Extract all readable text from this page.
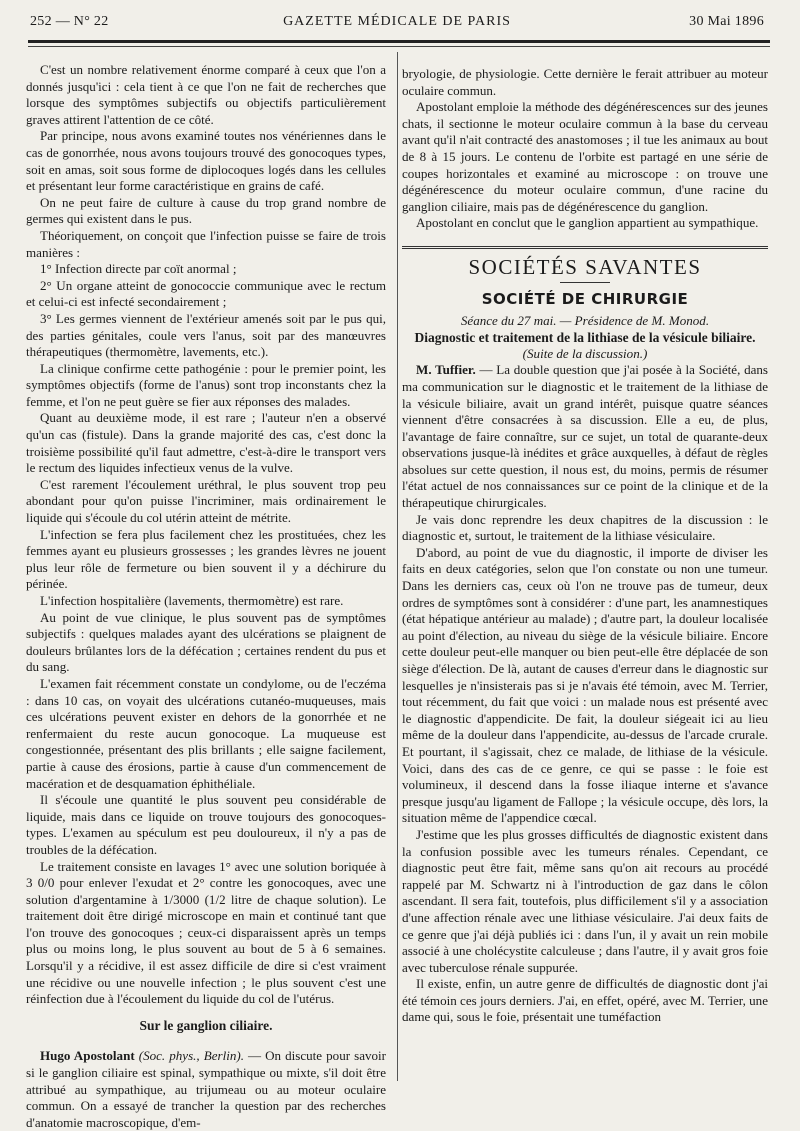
252 — N° 22	GAZETTE MÉDICALE DE PARIS	30 Mai 1896

C'est un nombre relativement énorme comparé à ceux que l'on a donnés jusqu'ici : cela tient à ce que l'on ne fait de recherches que lorsque des symptômes subjectifs ou objectifs particulièrement graves attirent l'attention de ce côté.

Par principe, nous avons examiné toutes nos vénériennes dans le cas de gonorrhée, nous avons toujours trouvé des gonocoques types, soit en amas, soit sous forme de diplocoques logés dans les cellules et présentant leur forme caractéristique en grains de café.

On ne peut faire de culture à cause du trop grand nombre de germes qui existent dans le pus.

Théoriquement, on conçoit que l'infection puisse se faire de trois manières :

1° Infection directe par coït anormal ;

2° Un organe atteint de gonococcie communique avec le rectum et celui-ci est infecté secondairement ;

3° Les germes viennent de l'extérieur amenés soit par le pus qui, des parties génitales, coule vers l'anus, soit par des manœuvres thérapeutiques (thermomètre, lavements, etc.).

La clinique confirme cette pathogénie : pour le premier point, les symptômes objectifs (forme de l'anus) sont trop inconstants chez la femme, et l'on ne peut guère se fier aux réponses des malades.

Quant au deuxième mode, il est rare ; l'auteur n'en a observé qu'un cas (fistule). Dans la grande majorité des cas, c'est donc la troisième possibilité qu'il faut admettre, c'est-à-dire le transport vers le rectum des liquides infectieux venus de la vulve.

C'est rarement l'écoulement uréthral, le plus souvent trop peu abondant pour qu'on puisse l'incriminer, mais ordinairement le liquide qui s'écoule du col utérin atteint de métrite.

L'infection se fera plus facilement chez les prostituées, chez les femmes ayant eu plusieurs grossesses ; les grandes lèvres ne jouent plus leur rôle de fermeture ou bien souvent il y a déchirure du périnée.

L'infection hospitalière (lavements, thermomètre) est rare.

Au point de vue clinique, le plus souvent pas de symptômes subjectifs : quelques malades ayant des ulcérations se plaignent de douleurs brûlantes lors de la défécation ; certaines rendent du pus et du sang.

L'examen fait récemment constate un condylome, ou de l'eczéma : dans 10 cas, on voyait des ulcérations cutanéo-muqueuses, mais ces ulcérations peuvent exister en dehors de la gonorrhée et ne renfermaient du reste aucun gonocoque. La muqueuse est congestionnée, présentant des plis brillants ; elle saigne facilement, partie à cause des érosions, partie à cause d'un commencement de macération et de desquamation éphithéliale.

Il s'écoule une quantité le plus souvent peu considérable de liquide, mais dans ce liquide on trouve toujours des gonocoques-types. L'examen au spéculum est peu douloureux, il n'y a pas de troubles de la défécation.

Le traitement consiste en lavages 1° avec une solution boriquée à 3 0/0 pour enlever l'exudat et 2° contre les gonocoques, avec une solution d'argentamine à 1/3000 (1/2 litre de chaque solution). Le traitement doit être dirigé microscope en main et continué tant que l'on trouve des gonocoques ; ceux-ci disparaissent après un temps plus ou moins long, le plus souvent au bout de 5 à 6 semaines. Lorsqu'il y a récidive, il est assez difficile de dire si c'est vraiment une récidive ou une nouvelle infection ; le plus souvent c'est une réinfection due à l'écoulement du liquide du col de l'utérus.

Sur le ganglion ciliaire.

Hugo Apostolant (Soc. phys., Berlin). — On discute pour savoir si le ganglion ciliaire est spinal, sympathique ou mixte, s'il doit être attribué au sympathique, au trijumeau ou au moteur oculaire commun. On a essayé de trancher la question par des recherches d'anatomie macroscopique, d'em-

bryologie, de physiologie. Cette dernière le ferait attribuer au moteur oculaire commun.

Apostolant emploie la méthode des dégénérescences sur des jeunes chats, il sectionne le moteur oculaire commun à la base du cerveau avant qu'il n'ait contracté des anastomoses ; il tue les animaux au bout de 8 à 15 jours. Le contenu de l'orbite est partagé en une série de coupes horizontales et examiné au microscope : on trouve une dégénérescence du moteur oculaire commun, d'une racine du ganglion ciliaire, mais pas de dégénérescence du ganglion.

Apostolant en conclut que le ganglion appartient au sympathique.

SOCIÉTÉS SAVANTES
SOCIÉTÉ DE CHIRURGIE

Séance du 27 mai. — Présidence de M. Monod.

Diagnostic et traitement de la lithiase de la vésicule biliaire.

(Suite de la discussion.)

M. Tuffier. — La double question que j'ai posée à la Société, dans ma communication sur le diagnostic et le traitement de la lithiase de la vésicule biliaire, avait un grand intérêt, puisque quatre séances viennent d'être consacrées à sa discussion. Elle a eu, de plus, l'avantage de faire connaître, sur ce sujet, un total de quarante-deux observations jusque-là inédites et grâce auxquelles, à défaut de règles absolues sur cette question, il nous est, du moins, permis de résumer l'état actuel de nos connaissances sur ce point de la clinique et de la thérapeutique chirurgicales.

Je vais donc reprendre les deux chapitres de la discussion : le diagnostic et, surtout, le traitement de la lithiase vésiculaire.

D'abord, au point de vue du diagnostic, il importe de diviser les faits en deux catégories, selon que l'on constate ou non une tumeur. Dans les derniers cas, ceux où l'on ne trouve pas de tumeur, deux ordres de symptômes sont à considérer : d'une part, les anamnestiques (état hépatique antérieur au malade) ; d'autre part, la douleur localisée au point d'élection, au niveau du siège de la vésicule biliaire. Encore cette douleur peut-elle manquer ou bien peut-elle être déplacée de son siège d'élection. De là, autant de causes d'erreur dans le diagnostic sur lesquelles je n'insisterais pas si je n'avais été témoin, avec M. Terrier, tout récemment, du fait que voici : un malade nous est présenté avec le diagnostic d'appendicite. De fait, la douleur siégeait ici au lieu même de la douleur dans l'appendicite, au-dessus de l'arcade crurale. Et pourtant, il s'agissait, chez ce malade, de lithiase de la vésicule. Voici, dans des cas de ce genre, ce qui se passe : le foie est volumineux, il descend dans la fosse iliaque interne et s'avance presque jusqu'au ligament de Fallope ; la vésicule occupe, dès lors, la situation même de l'appendice cœcal.

J'estime que les plus grosses difficultés de diagnostic existent dans la confusion possible avec les tumeurs rénales. Cependant, ce diagnostic peut être fait, même sans qu'on ait recours au procédé rappelé par M. Schwartz ni à l'introduction de gaz dans le côlon ascendant. Il sera fait, toutefois, plus difficilement s'il y a association d'une affection rénale avec une lithiase vésiculaire. J'ai deux faits de ce genre que j'ai déjà publiés ici : dans l'un, il y avait un rein mobile associé à une cholécystite calculeuse ; dans l'autre, il y avait gros foie avec tuberculose rénale suppurée.

Il existe, enfin, un autre genre de difficultés de diagnostic dont j'ai été témoin ces jours derniers. J'ai, en effet, opéré, avec M. Terrier, une dame qui, sous le foie, présentait une tuméfaction
